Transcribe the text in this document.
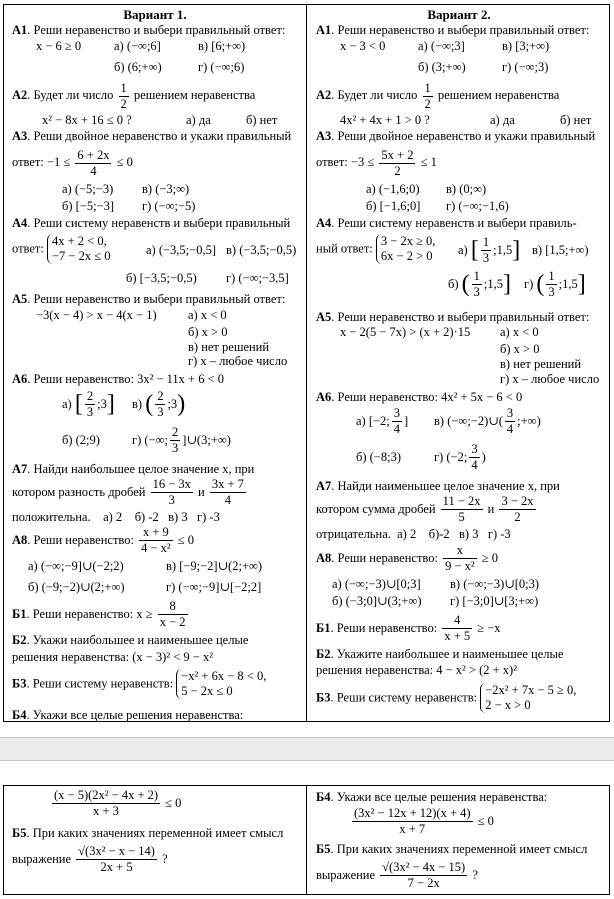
Вариант 1.
А1. Реши неравенство и выбери правильный ответ:
x − 6 ≥ 0	а) (−∞;6]	в) [6;+∞)
б) (6;+∞)	г) (−∞;6)
А2. Будет ли число $\frac{1}{2}$ решением неравенства
x² − 8x + 16 ≤ 0 ?	а) да	б) нет
А3. Реши двойное неравенство и укажи правильный
ответ: $-1 \le \frac{6 + 2x}{4} \le 0$
а) (−5;−3) в) (−3;∞)
б) [−5;−3] г) (−∞;−5)
А4. Реши систему неравенств и выбери правильный
ответ:
4x + 2 < 0,
−7 − 2x ≤ 0	а) (−3,5;−0,5] в) (−3,5;−0,5)
б) [−3,5;−0,5) г) (−∞;−3,5]
А5. Реши неравенство и выбери правильный ответ:
−3(x − 4) > x − 4(x − 1)	а) x < 0
б) x > 0
в) нет решений
г) x – любое число
А6. Реши неравенство: 3x² − 11x + 6 < 0
а) [ $\frac{2}{3}$ ;3] в) ( $\frac{2}{3}$ ;3)
б) (2;9)	г) (−∞; $\frac{2}{3}$ ]∪(3;+∞)
А7. Найди наибольшее целое значение х, при
котором разность дробей $\frac{16 - 3x}{3}$ и $\frac{3x + 7}{4}$
положительна. а) 2 б) -2 в) 3 г) -3
А8. Реши неравенство: $\frac{x + 9}{\text{4 − x²}} \le 0$
а) (−∞;−9]∪(−2;2)	в) [−9;−2]∪(2;+∞)
б) (−9;−2)∪(2;+∞)	г) (−∞;−9]∪[−2;2]
Б1. Реши неравенство: $x \ge \frac{8}{x - 2}$
Б2. Укажи наибольшее и наименьшее целые
решения неравенства: (x − 3)² < 9 − x²
Б3. Реши систему неравенств:
−x² + 6x − 8 < 0,
5 − 2x ≤ 0
Б4. Укажи все целые решения неравенства:
Вариант 2.
А1. Реши неравенство и выбери правильный ответ:
x − 3 < 0	а) (−∞;3]	в) [3;+∞)
б) (3;+∞)	г) (−∞;3)
А2. Будет ли число $\frac{1}{2}$ решением неравенства
4x² + 4x + 1 > 0 ?	а) да	б) нет
А3. Реши двойное неравенство и укажи правильный
ответ: $-3 \le \frac{5x + 2}{2} \le 1$
а) (−1,6;0) в) (0;∞)
б) [−1,6;0] г) (−∞;−1,6)
А4. Реши систему неравенств и выбери правиль-
ный ответ:
3 − 2x ≥ 0,
6x − 2 > 0 а) [ $\frac{1}{3}$ ;1,5] в) [1,5;+∞)
б) ( $\frac{1}{3}$ ;1,5] г) ( $\frac{1}{3}$ ;1,5]
А5. Реши неравенство и выбери правильный ответ:
x − 2(5 − 7x) > (x + 2)·15 а) x < 0
б) x > 0
в) нет решений
г) x – любое число
А6. Реши неравенство: 4x² + 5x − 6 < 0
а) [−2; $\frac{3}{4}$ ] в) (−∞;−2)∪( $\frac{3}{4}$ ;+∞)
б) (−8;3)	г) (−2; $\frac{3}{4}$ )
А7. Найди наименьшее целое значение х, при
котором сумма дробей $\frac{11 - 2x}{5}$ и $\frac{3 - 2x}{2}$
отрицательна. а) 2 б)-2 в) 3 г) -3
А8. Реши неравенство: $\frac{x}{\text{9 − x²}} \ge 0$
а) (−∞;−3)∪[0;3] в) (−∞;−3)∪[0;3)
б) (−3;0]∪(3;+∞) г) [−3;0]∪[3;+∞)
Б1. Реши неравенство: $\frac{4}{x + 5} \ge -x$
Б2. Укажите наибольшее и наименьшее целые
решения неравенства: 4 − x² > (2 + x)²
Б3. Реши систему неравенств:
−2x² + 7x − 5 ≥ 0,
2 − x > 0
$\frac{\text{(x − 5)(2x² − 4x + 2)}}{x + 3} \le 0$
Б5. При каких значениях переменной имеет смысл
выражение $\frac{\text{√(3x² − x − 14)}}{2x + 5}$ ?
Б4. Укажи все целые решения неравенства:
$\frac{\text{(3x² − 12x + 12)(x + 4)}}{x + 7} \le 0$
Б5. При каких значениях переменной имеет смысл
выражение $\frac{\text{√(3x² − 4x − 15)}}{7 - 2x}$ ?
